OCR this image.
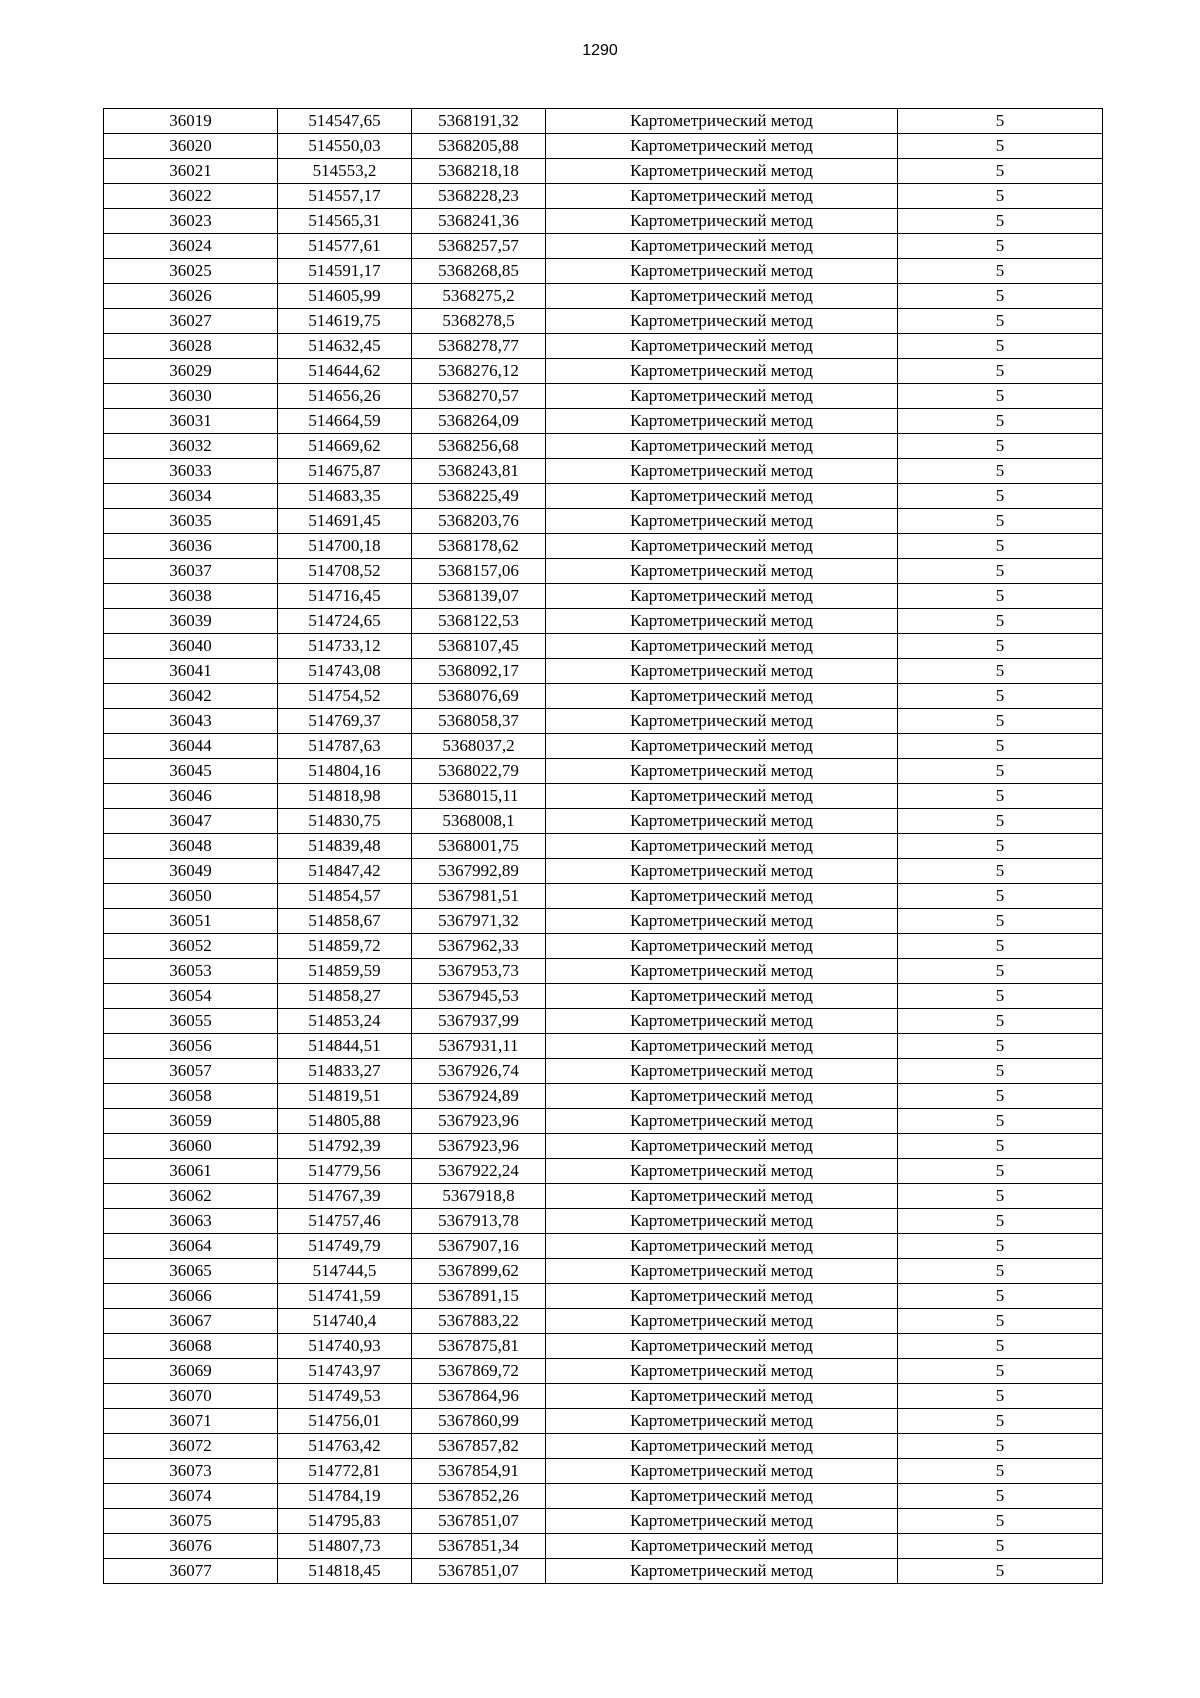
1290
36019	514547,65	5368191,32	Картометрический метод	5
36020	514550,03	5368205,88	Картометрический метод	5
36021	514553,2	5368218,18	Картометрический метод	5
36022	514557,17	5368228,23	Картометрический метод	5
36023	514565,31	5368241,36	Картометрический метод	5
36024	514577,61	5368257,57	Картометрический метод	5
36025	514591,17	5368268,85	Картометрический метод	5
36026	514605,99	5368275,2	Картометрический метод	5
36027	514619,75	5368278,5	Картометрический метод	5
36028	514632,45	5368278,77	Картометрический метод	5
36029	514644,62	5368276,12	Картометрический метод	5
36030	514656,26	5368270,57	Картометрический метод	5
36031	514664,59	5368264,09	Картометрический метод	5
36032	514669,62	5368256,68	Картометрический метод	5
36033	514675,87	5368243,81	Картометрический метод	5
36034	514683,35	5368225,49	Картометрический метод	5
36035	514691,45	5368203,76	Картометрический метод	5
36036	514700,18	5368178,62	Картометрический метод	5
36037	514708,52	5368157,06	Картометрический метод	5
36038	514716,45	5368139,07	Картометрический метод	5
36039	514724,65	5368122,53	Картометрический метод	5
36040	514733,12	5368107,45	Картометрический метод	5
36041	514743,08	5368092,17	Картометрический метод	5
36042	514754,52	5368076,69	Картометрический метод	5
36043	514769,37	5368058,37	Картометрический метод	5
36044	514787,63	5368037,2	Картометрический метод	5
36045	514804,16	5368022,79	Картометрический метод	5
36046	514818,98	5368015,11	Картометрический метод	5
36047	514830,75	5368008,1	Картометрический метод	5
36048	514839,48	5368001,75	Картометрический метод	5
36049	514847,42	5367992,89	Картометрический метод	5
36050	514854,57	5367981,51	Картометрический метод	5
36051	514858,67	5367971,32	Картометрический метод	5
36052	514859,72	5367962,33	Картометрический метод	5
36053	514859,59	5367953,73	Картометрический метод	5
36054	514858,27	5367945,53	Картометрический метод	5
36055	514853,24	5367937,99	Картометрический метод	5
36056	514844,51	5367931,11	Картометрический метод	5
36057	514833,27	5367926,74	Картометрический метод	5
36058	514819,51	5367924,89	Картометрический метод	5
36059	514805,88	5367923,96	Картометрический метод	5
36060	514792,39	5367923,96	Картометрический метод	5
36061	514779,56	5367922,24	Картометрический метод	5
36062	514767,39	5367918,8	Картометрический метод	5
36063	514757,46	5367913,78	Картометрический метод	5
36064	514749,79	5367907,16	Картометрический метод	5
36065	514744,5	5367899,62	Картометрический метод	5
36066	514741,59	5367891,15	Картометрический метод	5
36067	514740,4	5367883,22	Картометрический метод	5
36068	514740,93	5367875,81	Картометрический метод	5
36069	514743,97	5367869,72	Картометрический метод	5
36070	514749,53	5367864,96	Картометрический метод	5
36071	514756,01	5367860,99	Картометрический метод	5
36072	514763,42	5367857,82	Картометрический метод	5
36073	514772,81	5367854,91	Картометрический метод	5
36074	514784,19	5367852,26	Картометрический метод	5
36075	514795,83	5367851,07	Картометрический метод	5
36076	514807,73	5367851,34	Картометрический метод	5
36077	514818,45	5367851,07	Картометрический метод	5
